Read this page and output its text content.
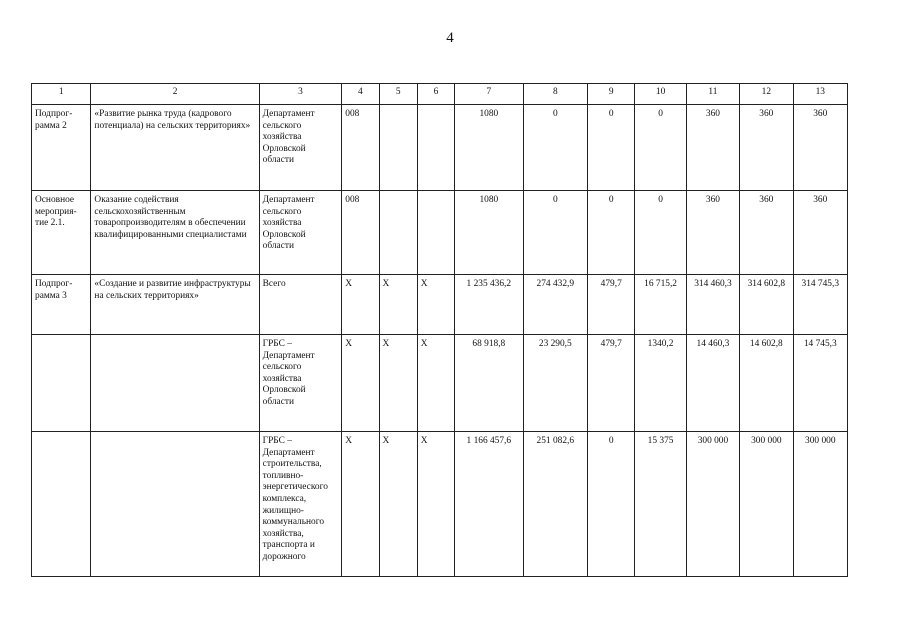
4
1	2	3	4	5	6	7	8	9	10	11	12	13
Подпрог-
рамма 2	«Развитие рынка труда (кадрового потенциала) на сельских территориях»	Департамент сельского хозяйства Орловской области	008			1080	0	0	0	360	360	360
Основное мероприя-
тие 2.1.	Оказание содействия сельскохозяйственным товаропроизводителям в обеспечении квалифицированными специалистами	Департамент сельского хозяйства Орловской области	008			1080	0	0	0	360	360	360
Подпрог-
рамма 3	«Создание и развитие инфраструктуры на сельских территориях»	Всего	X	X	X	1 235 436,2	274 432,9	479,7	16 715,2	314 460,3	314 602,8	314 745,3
		ГРБС – Департамент сельского хозяйства Орловской области	X	X	X	68 918,8	23 290,5	479,7	1340,2	14 460,3	14 602,8	14 745,3
		ГРБС – Департамент строительства, топливно-энергетического комплекса, жилищно-коммунального хозяйства, транспорта и дорожного	X	X	X	1 166 457,6	251 082,6	0	15 375	300 000	300 000	300 000
